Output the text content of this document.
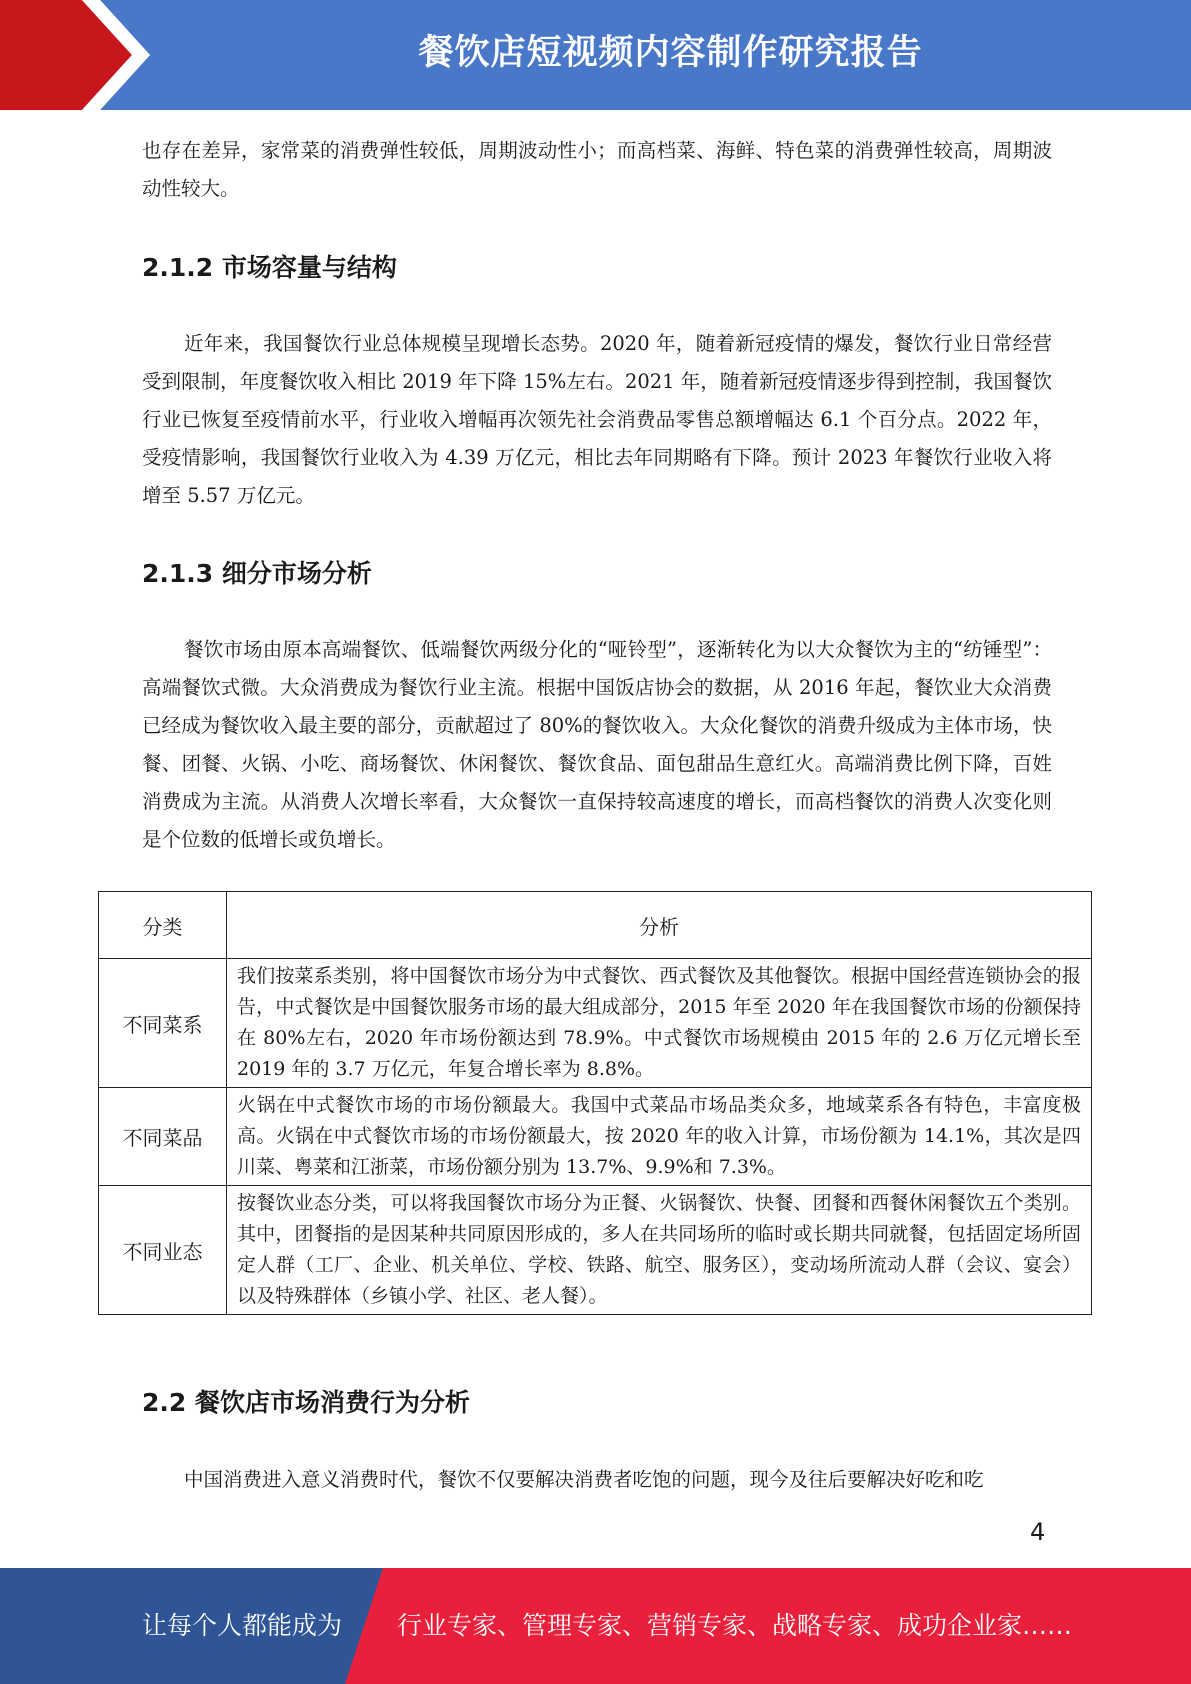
餐饮店短视频内容制作研究报告

也存在差异，家常菜的消费弹性较低，周期波动性小；而高档菜、海鲜、特色菜的消费弹性较高，周期波动性较大。

2.1.2 市场容量与结构

近年来，我国餐饮行业总体规模呈现增长态势。2020 年，随着新冠疫情的爆发，餐饮行业日常经营受到限制，年度餐饮收入相比 2019 年下降 15%左右。2021 年，随着新冠疫情逐步得到控制，我国餐饮行业已恢复至疫情前水平，行业收入增幅再次领先社会消费品零售总额增幅达 6.1 个百分点。2022 年，受疫情影响，我国餐饮行业收入为 4.39 万亿元，相比去年同期略有下降。预计 2023 年餐饮行业收入将增至 5.57 万亿元。

2.1.3 细分市场分析

餐饮市场由原本高端餐饮、低端餐饮两级分化的“哑铃型”，逐渐转化为以大众餐饮为主的“纺锤型”：高端餐饮式微。大众消费成为餐饮行业主流。根据中国饭店协会的数据，从 2016 年起，餐饮业大众消费已经成为餐饮收入最主要的部分，贡献超过了 80%的餐饮收入。大众化餐饮的消费升级成为主体市场，快餐、团餐、火锅、小吃、商场餐饮、休闲餐饮、餐饮食品、面包甜品生意红火。高端消费比例下降，百姓消费成为主流。从消费人次增长率看，大众餐饮一直保持较高速度的增长，而高档餐饮的消费人次变化则是个位数的低增长或负增长。

分类	分析
不同菜系	我们按菜系类别，将中国餐饮市场分为中式餐饮、西式餐饮及其他餐饮。根据中国经营连锁协会的报告，中式餐饮是中国餐饮服务市场的最大组成部分，2015 年至 2020 年在我国餐饮市场的份额保持在 80%左右，2020 年市场份额达到 78.9%。中式餐饮市场规模由 2015 年的 2.6 万亿元增长至 2019 年的 3.7 万亿元，年复合增长率为 8.8%。
不同菜品	火锅在中式餐饮市场的市场份额最大。我国中式菜品市场品类众多，地域菜系各有特色，丰富度极高。火锅在中式餐饮市场的市场份额最大，按 2020 年的收入计算，市场份额为 14.1%，其次是四川菜、粤菜和江浙菜，市场份额分别为 13.7%、9.9%和 7.3%。
不同业态	按餐饮业态分类，可以将我国餐饮市场分为正餐、火锅餐饮、快餐、团餐和西餐休闲餐饮五个类别。其中，团餐指的是因某种共同原因形成的，多人在共同场所的临时或长期共同就餐，包括固定场所固定人群（工厂、企业、机关单位、学校、铁路、航空、服务区），变动场所流动人群（会议、宴会）以及特殊群体（乡镇小学、社区、老人餐）。
2.2 餐饮店市场消费行为分析

中国消费进入意义消费时代，餐饮不仅要解决消费者吃饱的问题，现今及往后要解决好吃和吃

4
让每个人都能成为 行业专家、管理专家、营销专家、战略专家、成功企业家……
